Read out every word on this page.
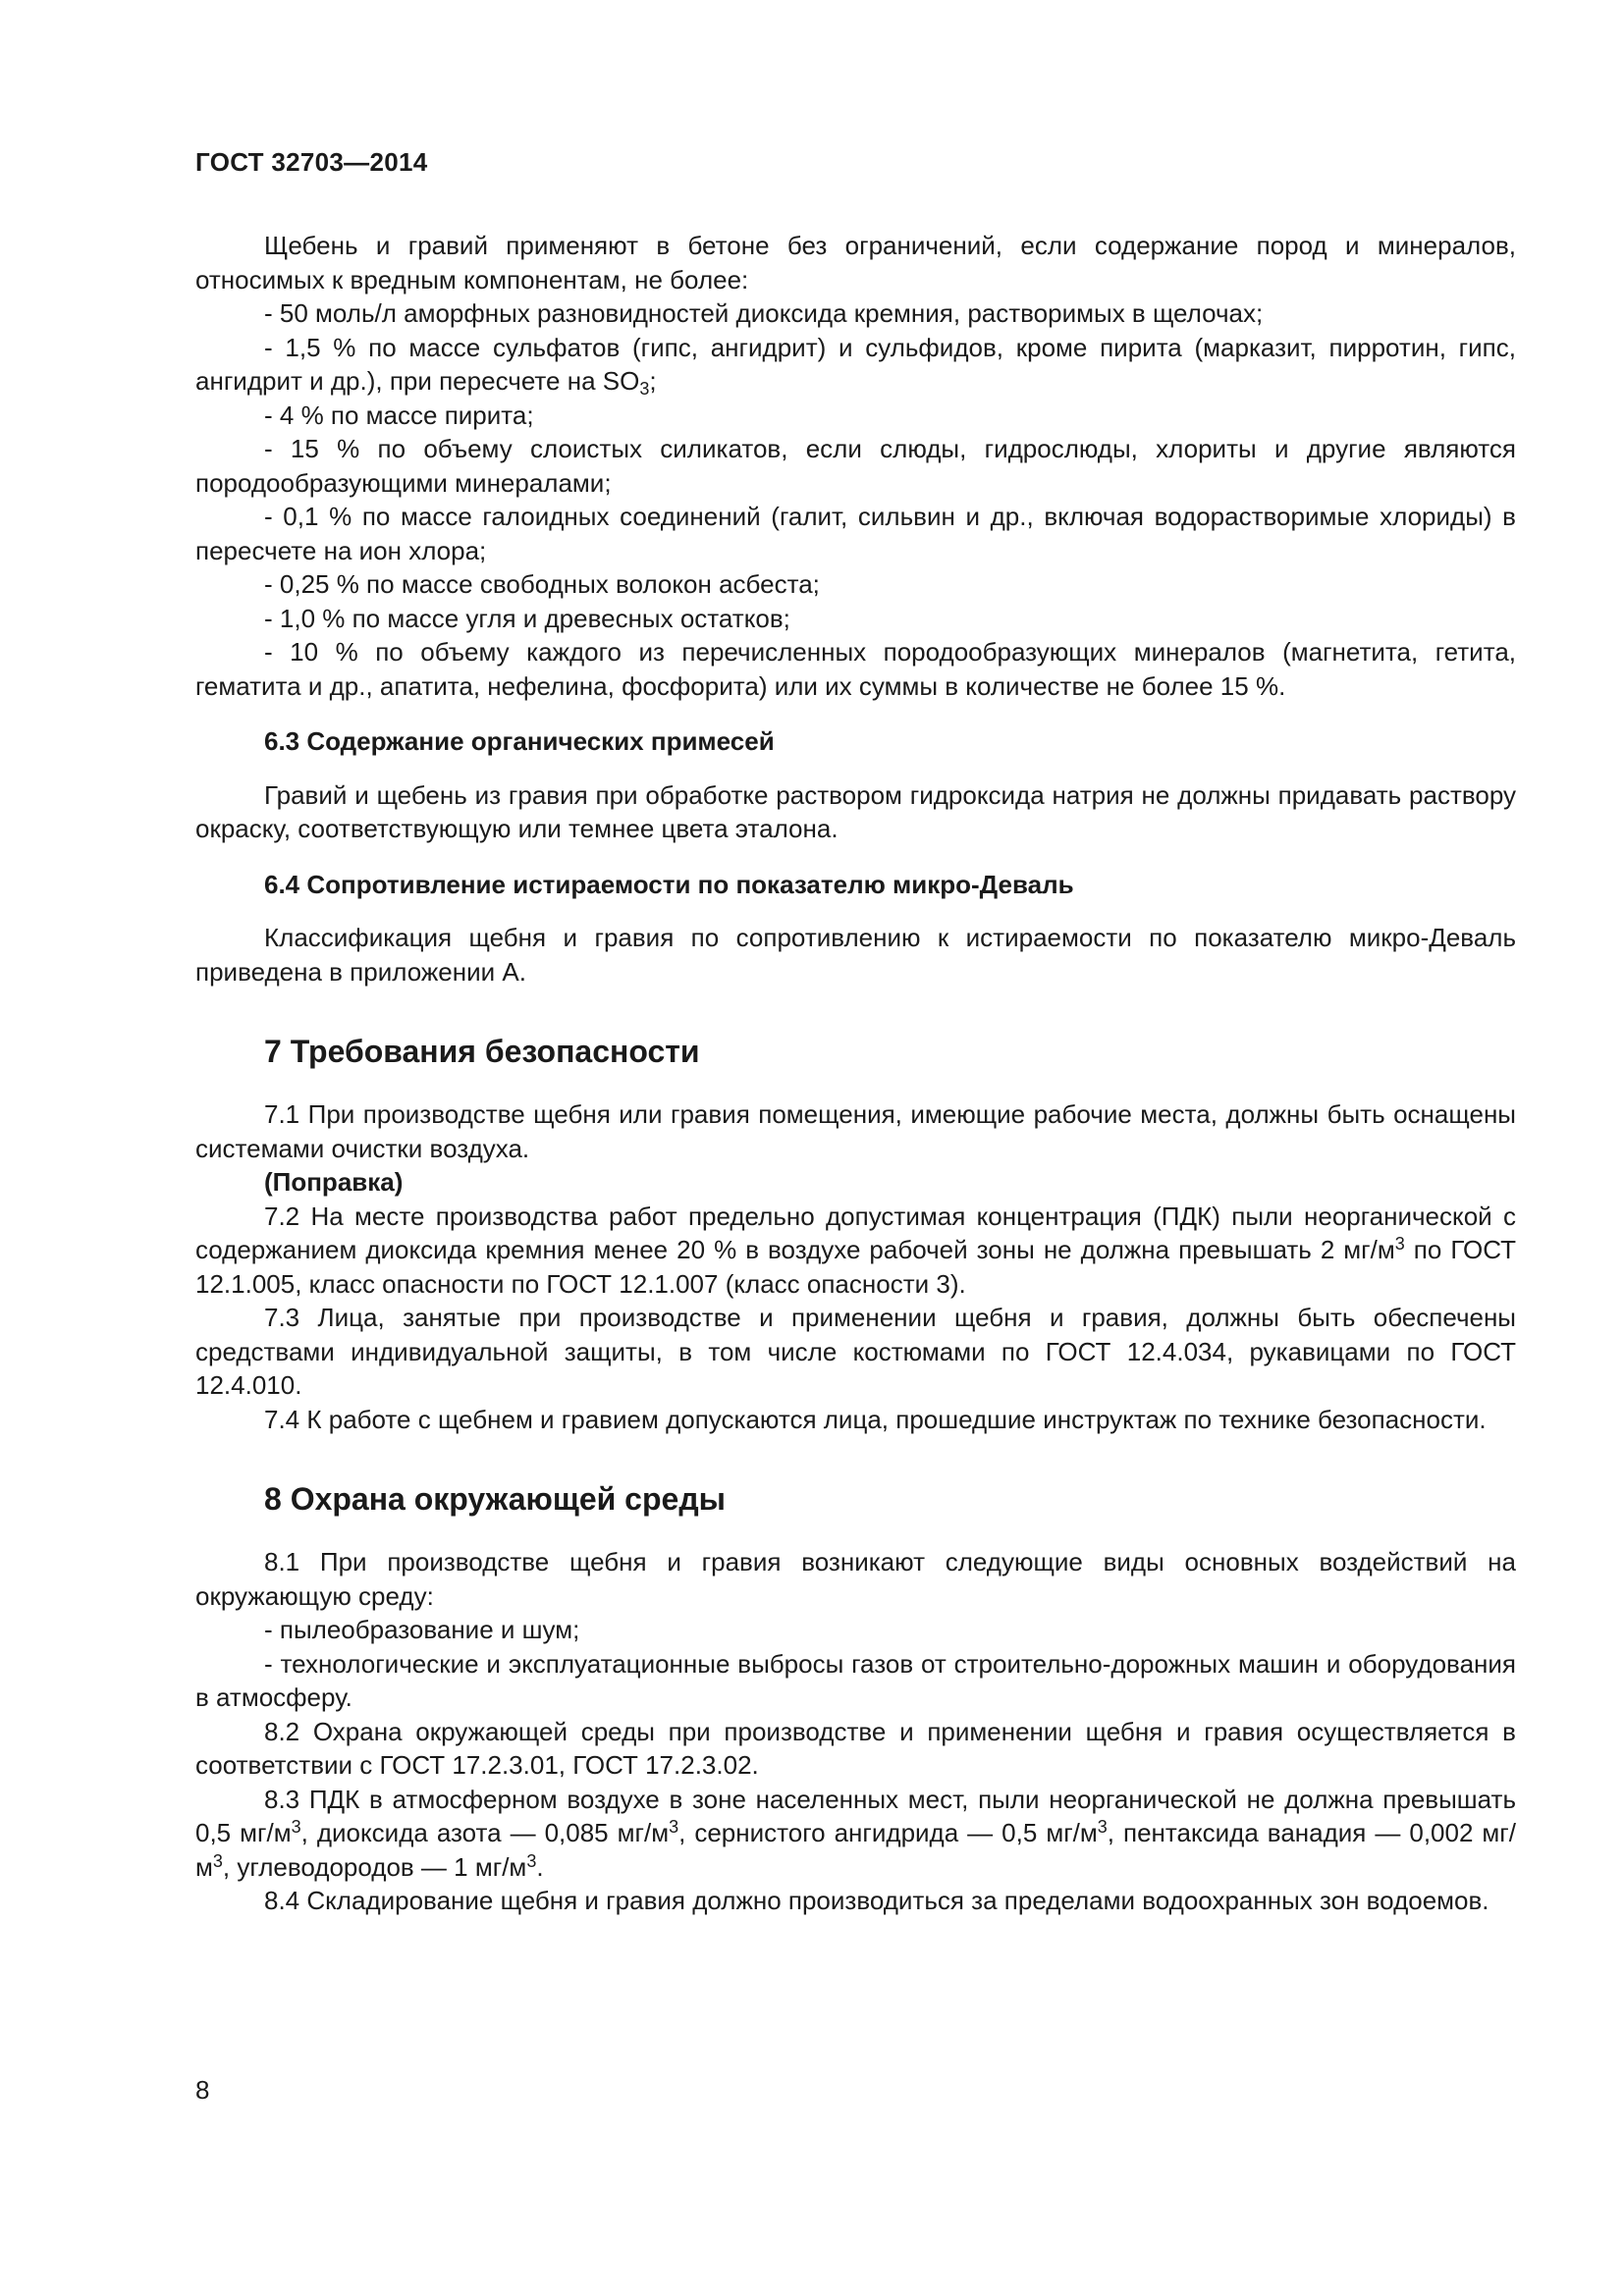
ГОСТ 32703—2014

Щебень и гравий применяют в бетоне без ограничений, если содержание пород и минералов, относимых к вредным компонентам, не более:

- 50 моль/л аморфных разновидностей диоксида кремния, растворимых в щелочах;

- 1,5 % по массе сульфатов (гипс, ангидрит) и сульфидов, кроме пирита (марказит, пирротин, гипс, ангидрит и др.), при пересчете на $SO_3$;

- 4 % по массе пирита;

- 15 % по объему слоистых силикатов, если слюды, гидрослюды, хлориты и другие являются породообразующими минералами;

- 0,1 % по массе галоидных соединений (галит, сильвин и др., включая водорастворимые хлориды) в пересчете на ион хлора;

- 0,25 % по массе свободных волокон асбеста;

- 1,0 % по массе угля и древесных остатков;

- 10 % по объему каждого из перечисленных породообразующих минералов (магнетита, гетита, гематита и др., апатита, нефелина, фосфорита) или их суммы в количестве не более 15 %.

6.3 Содержание органических примесей

Гравий и щебень из гравия при обработке раствором гидроксида натрия не должны придавать раствору окраску, соответствующую или темнее цвета эталона.

6.4 Сопротивление истираемости по показателю микро-Деваль

Классификация щебня и гравия по сопротивлению к истираемости по показателю микро-Деваль приведена в приложении А.

7 Требования безопасности

7.1 При производстве щебня или гравия помещения, имеющие рабочие места, должны быть оснащены системами очистки воздуха.

(Поправка)

7.2 На месте производства работ предельно допустимая концентрация (ПДК) пыли неорганической с содержанием диоксида кремния менее 20 % в воздухе рабочей зоны не должна превышать 2 $мг/м^3$ по ГОСТ 12.1.005, класс опасности по ГОСТ 12.1.007 (класс опасности 3).

7.3 Лица, занятые при производстве и применении щебня и гравия, должны быть обеспечены средствами индивидуальной защиты, в том числе костюмами по ГОСТ 12.4.034, рукавицами по ГОСТ 12.4.010.

7.4 К работе с щебнем и гравием допускаются лица, прошедшие инструктаж по технике безопасности.

8 Охрана окружающей среды

8.1 При производстве щебня и гравия возникают следующие виды основных воздействий на окружающую среду:

- пылеобразование и шум;

- технологические и эксплуатационные выбросы газов от строительно-дорожных машин и оборудования в атмосферу.

8.2 Охрана окружающей среды при производстве и применении щебня и гравия осуществляется в соответствии с ГОСТ 17.2.3.01, ГОСТ 17.2.3.02.

8.3 ПДК в атмосферном воздухе в зоне населенных мест, пыли неорганической не должна превышать 0,5 $мг/м^3$, диоксида азота — 0,085 $мг/м^3$, сернистого ангидрида — 0,5 $мг/м^3$, пентаксида ванадия — 0,002 $мг/м^3$, углеводородов — 1 $мг/м^3$.

8.4 Складирование щебня и гравия должно производиться за пределами водоохранных зон водоемов.

8
